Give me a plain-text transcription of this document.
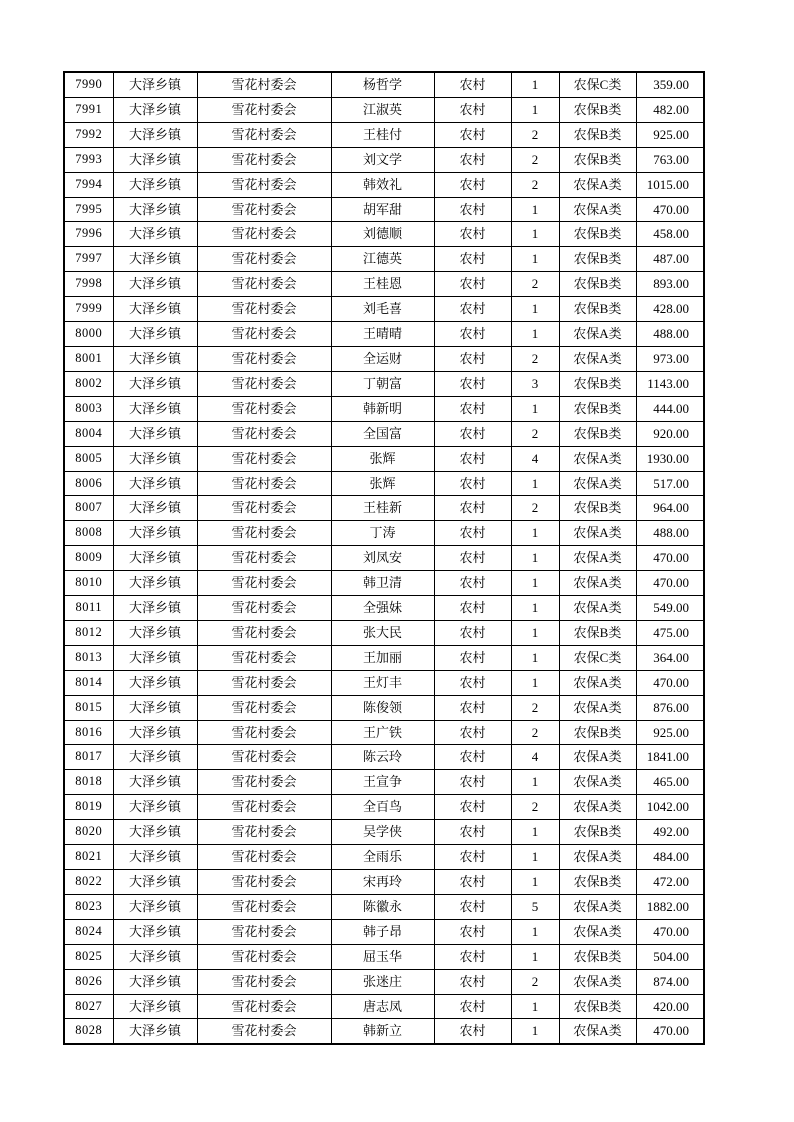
7990	大泽乡镇	雪花村委会	杨哲学	农村	1	农保C类	359.00
7991	大泽乡镇	雪花村委会	江淑英	农村	1	农保B类	482.00
7992	大泽乡镇	雪花村委会	王桂付	农村	2	农保B类	925.00
7993	大泽乡镇	雪花村委会	刘文学	农村	2	农保B类	763.00
7994	大泽乡镇	雪花村委会	韩效礼	农村	2	农保A类	1015.00
7995	大泽乡镇	雪花村委会	胡军甜	农村	1	农保A类	470.00
7996	大泽乡镇	雪花村委会	刘德顺	农村	1	农保B类	458.00
7997	大泽乡镇	雪花村委会	江德英	农村	1	农保B类	487.00
7998	大泽乡镇	雪花村委会	王桂恩	农村	2	农保B类	893.00
7999	大泽乡镇	雪花村委会	刘毛喜	农村	1	农保B类	428.00
8000	大泽乡镇	雪花村委会	王晴晴	农村	1	农保A类	488.00
8001	大泽乡镇	雪花村委会	全运财	农村	2	农保A类	973.00
8002	大泽乡镇	雪花村委会	丁朝富	农村	3	农保B类	1143.00
8003	大泽乡镇	雪花村委会	韩新明	农村	1	农保B类	444.00
8004	大泽乡镇	雪花村委会	全国富	农村	2	农保B类	920.00
8005	大泽乡镇	雪花村委会	张辉	农村	4	农保A类	1930.00
8006	大泽乡镇	雪花村委会	张辉	农村	1	农保A类	517.00
8007	大泽乡镇	雪花村委会	王桂新	农村	2	农保B类	964.00
8008	大泽乡镇	雪花村委会	丁涛	农村	1	农保A类	488.00
8009	大泽乡镇	雪花村委会	刘凤安	农村	1	农保A类	470.00
8010	大泽乡镇	雪花村委会	韩卫清	农村	1	农保A类	470.00
8011	大泽乡镇	雪花村委会	全强妹	农村	1	农保A类	549.00
8012	大泽乡镇	雪花村委会	张大民	农村	1	农保B类	475.00
8013	大泽乡镇	雪花村委会	王加丽	农村	1	农保C类	364.00
8014	大泽乡镇	雪花村委会	王灯丰	农村	1	农保A类	470.00
8015	大泽乡镇	雪花村委会	陈俊领	农村	2	农保A类	876.00
8016	大泽乡镇	雪花村委会	王广铁	农村	2	农保B类	925.00
8017	大泽乡镇	雪花村委会	陈云玲	农村	4	农保A类	1841.00
8018	大泽乡镇	雪花村委会	王宣争	农村	1	农保A类	465.00
8019	大泽乡镇	雪花村委会	全百鸟	农村	2	农保A类	1042.00
8020	大泽乡镇	雪花村委会	吴学侠	农村	1	农保B类	492.00
8021	大泽乡镇	雪花村委会	全雨乐	农村	1	农保A类	484.00
8022	大泽乡镇	雪花村委会	宋再玲	农村	1	农保B类	472.00
8023	大泽乡镇	雪花村委会	陈徽永	农村	5	农保A类	1882.00
8024	大泽乡镇	雪花村委会	韩子昂	农村	1	农保A类	470.00
8025	大泽乡镇	雪花村委会	屈玉华	农村	1	农保B类	504.00
8026	大泽乡镇	雪花村委会	张迷庄	农村	2	农保A类	874.00
8027	大泽乡镇	雪花村委会	唐志凤	农村	1	农保B类	420.00
8028	大泽乡镇	雪花村委会	韩新立	农村	1	农保A类	470.00
